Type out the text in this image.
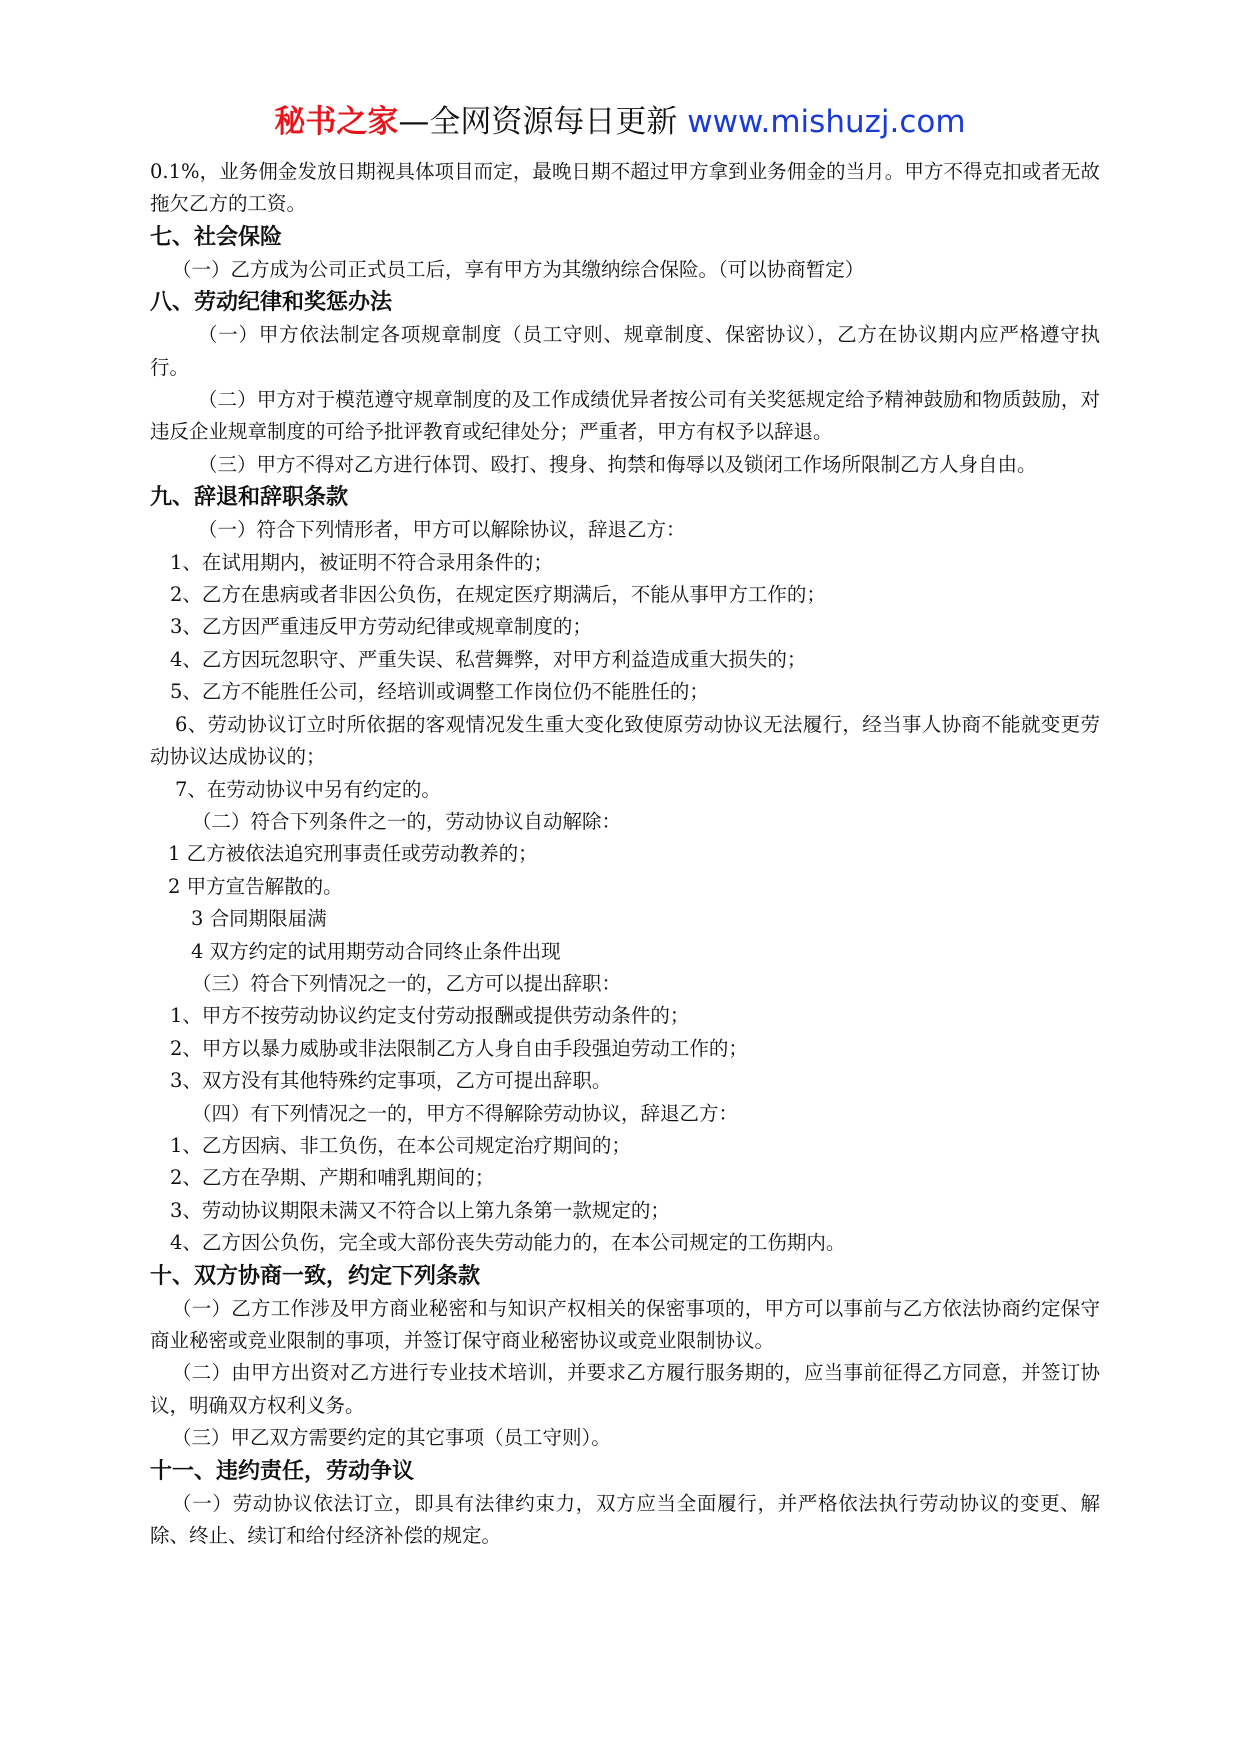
秘书之家—全网资源每日更新 www.mishuzj.com

0.1%，业务佣金发放日期视具体项目而定，最晚日期不超过甲方拿到业务佣金的当月。甲方不得克扣或者无故拖欠乙方的工资。

七、社会保险

（一）乙方成为公司正式员工后，享有甲方为其缴纳综合保险。（可以协商暂定）

八、劳动纪律和奖惩办法

（一）甲方依法制定各项规章制度（员工守则、规章制度、保密协议），乙方在协议期内应严格遵守执行。

（二）甲方对于模范遵守规章制度的及工作成绩优异者按公司有关奖惩规定给予精神鼓励和物质鼓励，对违反企业规章制度的可给予批评教育或纪律处分；严重者，甲方有权予以辞退。

（三）甲方不得对乙方进行体罚、殴打、搜身、拘禁和侮辱以及锁闭工作场所限制乙方人身自由。

九、辞退和辞职条款

（一）符合下列情形者，甲方可以解除协议，辞退乙方：

1、在试用期内，被证明不符合录用条件的；

2、乙方在患病或者非因公负伤，在规定医疗期满后，不能从事甲方工作的；

3、乙方因严重违反甲方劳动纪律或规章制度的；

4、乙方因玩忽职守、严重失误、私营舞弊，对甲方利益造成重大损失的；

5、乙方不能胜任公司，经培训或调整工作岗位仍不能胜任的；

6、劳动协议订立时所依据的客观情况发生重大变化致使原劳动协议无法履行，经当事人协商不能就变更劳动协议达成协议的；

7、在劳动协议中另有约定的。

（二）符合下列条件之一的，劳动协议自动解除：

1 乙方被依法追究刑事责任或劳动教养的；

2 甲方宣告解散的。

3 合同期限届满

4 双方约定的试用期劳动合同终止条件出现

（三）符合下列情况之一的，乙方可以提出辞职：

1、甲方不按劳动协议约定支付劳动报酬或提供劳动条件的；

2、甲方以暴力威胁或非法限制乙方人身自由手段强迫劳动工作的；

3、双方没有其他特殊约定事项，乙方可提出辞职。

（四）有下列情况之一的，甲方不得解除劳动协议，辞退乙方：

1、乙方因病、非工负伤，在本公司规定治疗期间的；

2、乙方在孕期、产期和哺乳期间的；

3、劳动协议期限未满又不符合以上第九条第一款规定的；

4、乙方因公负伤，完全或大部份丧失劳动能力的，在本公司规定的工伤期内。

十、双方协商一致，约定下列条款

（一）乙方工作涉及甲方商业秘密和与知识产权相关的保密事项的，甲方可以事前与乙方依法协商约定保守商业秘密或竞业限制的事项，并签订保守商业秘密协议或竞业限制协议。

（二）由甲方出资对乙方进行专业技术培训，并要求乙方履行服务期的，应当事前征得乙方同意，并签订协议，明确双方权利义务。

（三）甲乙双方需要约定的其它事项（员工守则）。

十一、违约责任，劳动争议

（一）劳动协议依法订立，即具有法律约束力，双方应当全面履行，并严格依法执行劳动协议的变更、解除、终止、续订和给付经济补偿的规定。
